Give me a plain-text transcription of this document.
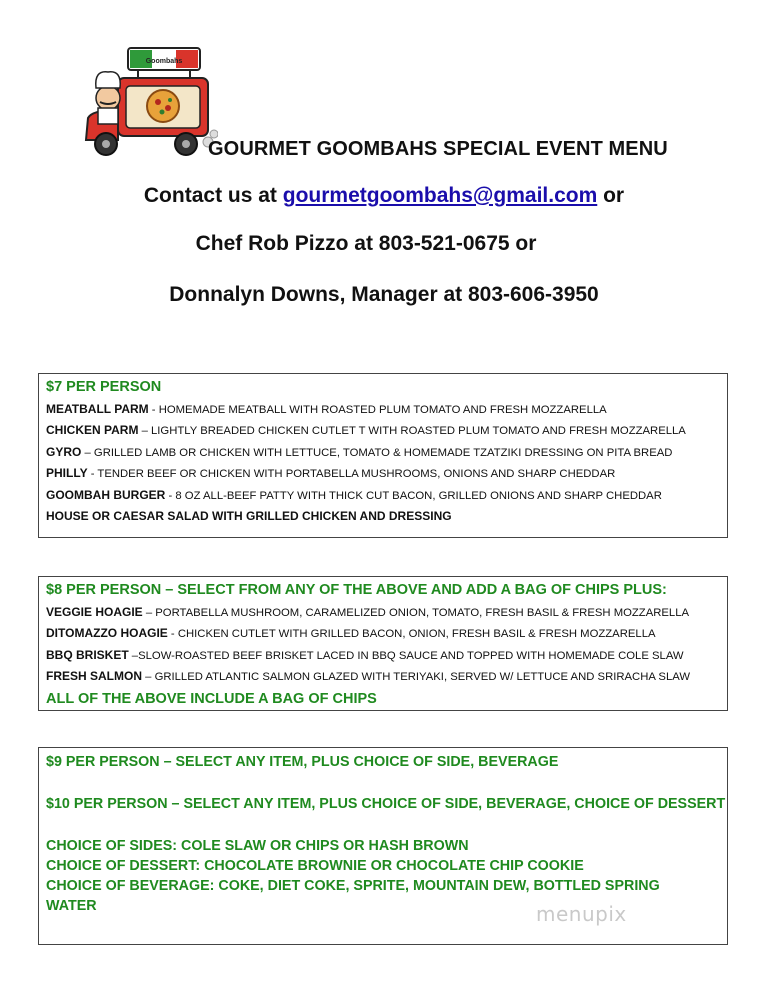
Goombahs
GOURMET GOOMBAHS SPECIAL EVENT MENU
Contact us at gourmetgoombahs@gmail.com or
Chef Rob Pizzo at 803-521-0675 or
Donnalyn Downs, Manager at 803-606-3950
$7 PER PERSON
MEATBALL PARM - HOMEMADE MEATBALL WITH ROASTED PLUM TOMATO AND FRESH MOZZARELLA
CHICKEN PARM – LIGHTLY BREADED CHICKEN CUTLET T WITH ROASTED PLUM TOMATO AND FRESH MOZZARELLA
GYRO – GRILLED LAMB OR CHICKEN WITH LETTUCE, TOMATO & HOMEMADE TZATZIKI DRESSING ON PITA BREAD
PHILLY - TENDER BEEF OR CHICKEN WITH PORTABELLA MUSHROOMS, ONIONS AND SHARP CHEDDAR
GOOMBAH BURGER - 8 OZ ALL-BEEF PATTY WITH THICK CUT BACON, GRILLED ONIONS AND SHARP CHEDDAR
HOUSE OR CAESAR SALAD WITH GRILLED CHICKEN AND DRESSING
$8 PER PERSON – SELECT FROM ANY OF THE ABOVE AND ADD A BAG OF CHIPS PLUS:
VEGGIE HOAGIE – PORTABELLA MUSHROOM, CARAMELIZED ONION, TOMATO, FRESH BASIL & FRESH MOZZARELLA
DITOMAZZO HOAGIE - CHICKEN CUTLET WITH GRILLED BACON, ONION, FRESH BASIL & FRESH MOZZARELLA
BBQ BRISKET –SLOW-ROASTED BEEF BRISKET LACED IN BBQ SAUCE AND TOPPED WITH HOMEMADE COLE SLAW
FRESH SALMON – GRILLED ATLANTIC SALMON GLAZED WITH TERIYAKI, SERVED W/ LETTUCE AND SRIRACHA SLAW
ALL OF THE ABOVE INCLUDE A BAG OF CHIPS
$9 PER PERSON – SELECT ANY ITEM, PLUS CHOICE OF SIDE, BEVERAGE
$10 PER PERSON – SELECT ANY ITEM, PLUS CHOICE OF SIDE, BEVERAGE, CHOICE OF DESSERT
CHOICE OF SIDES: COLE SLAW OR CHIPS OR HASH BROWN
CHOICE OF DESSERT: CHOCOLATE BROWNIE OR CHOCOLATE CHIP COOKIE
CHOICE OF BEVERAGE: COKE, DIET COKE, SPRITE, MOUNTAIN DEW, BOTTLED SPRING
WATER	menupix
